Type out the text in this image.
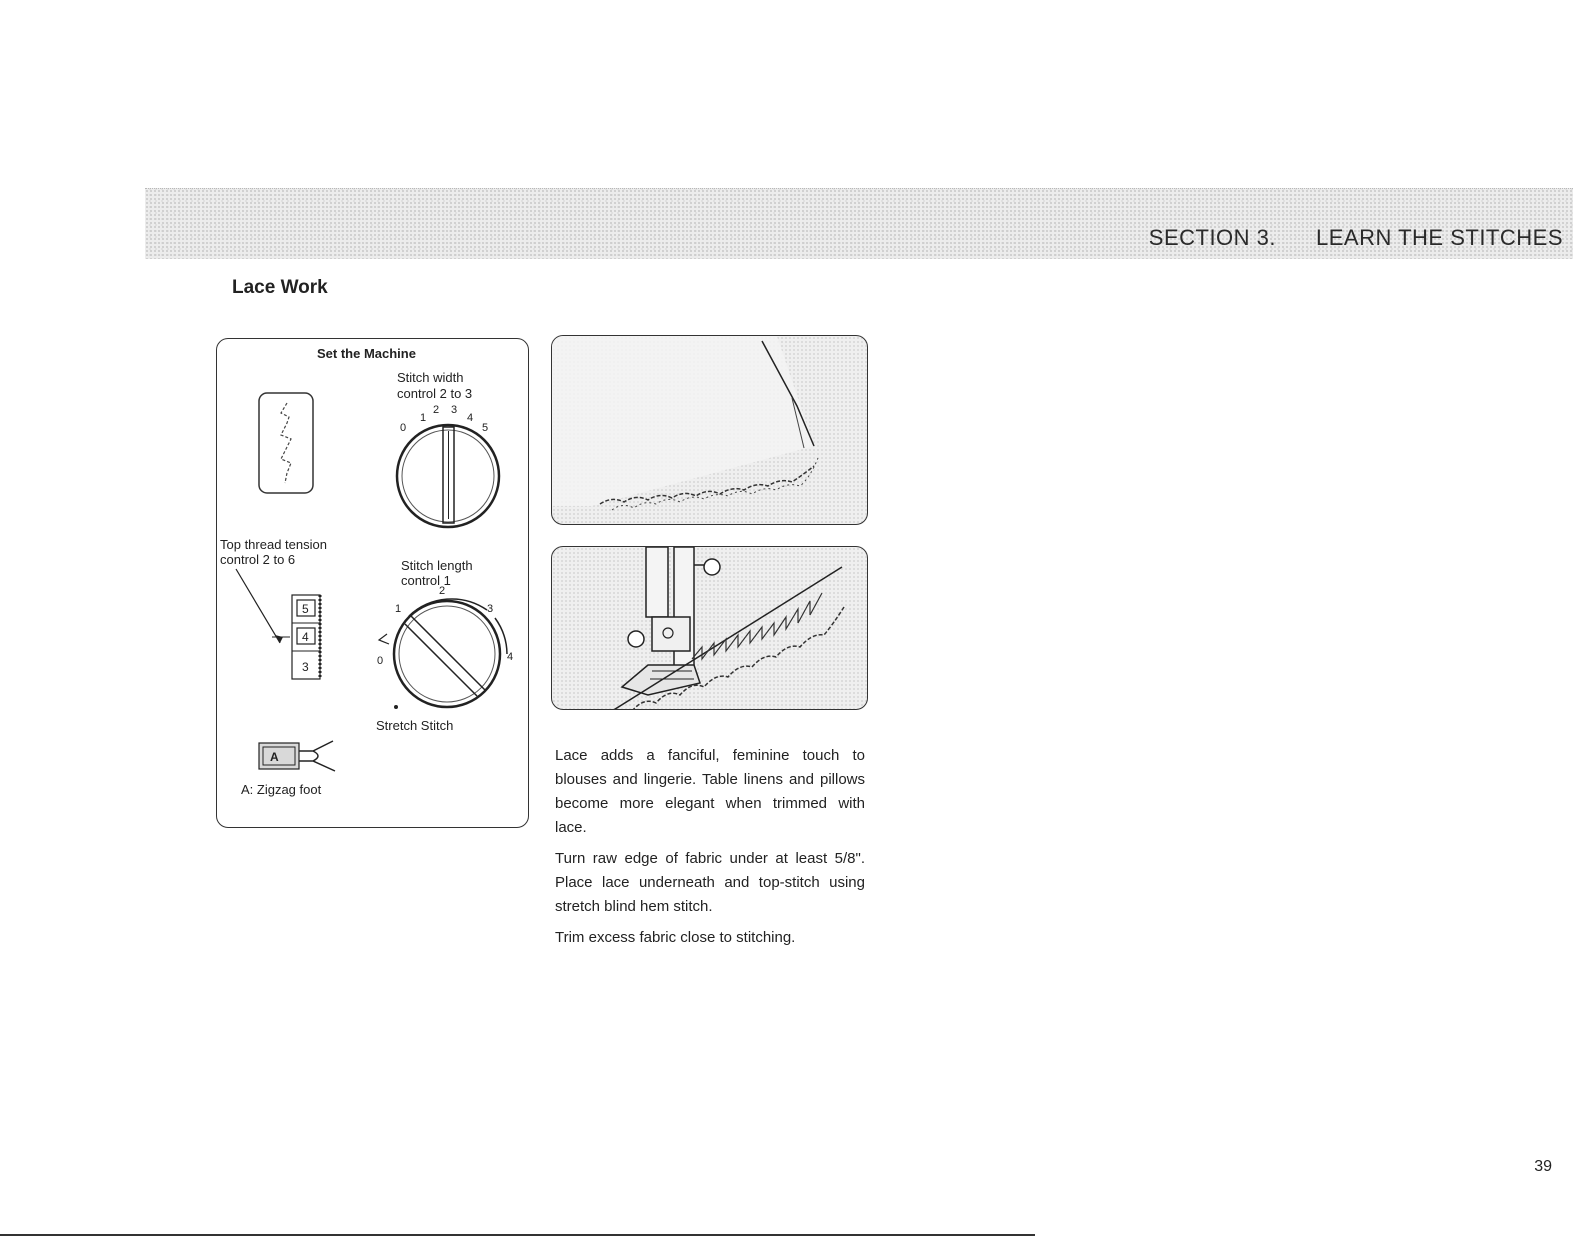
SECTION 3. LEARN THE STITCHES
Lace Work
Set the Machine
Stitch width
control 2 to 3
0
1
2 3
4
5
Top thread tension
control 2 to 6
5
4
3
Stitch length
control 1
0
1
2
3
4
Stretch Stitch
A
A: Zigzag foot

Lace adds a fanciful, feminine touch to blouses and lingerie. Table linens and pillows become more elegant when trimmed with lace.

Turn raw edge of fabric under at least 5/8". Place lace underneath and top-stitch using stretch blind hem stitch.

Trim excess fabric close to stitching.

39
